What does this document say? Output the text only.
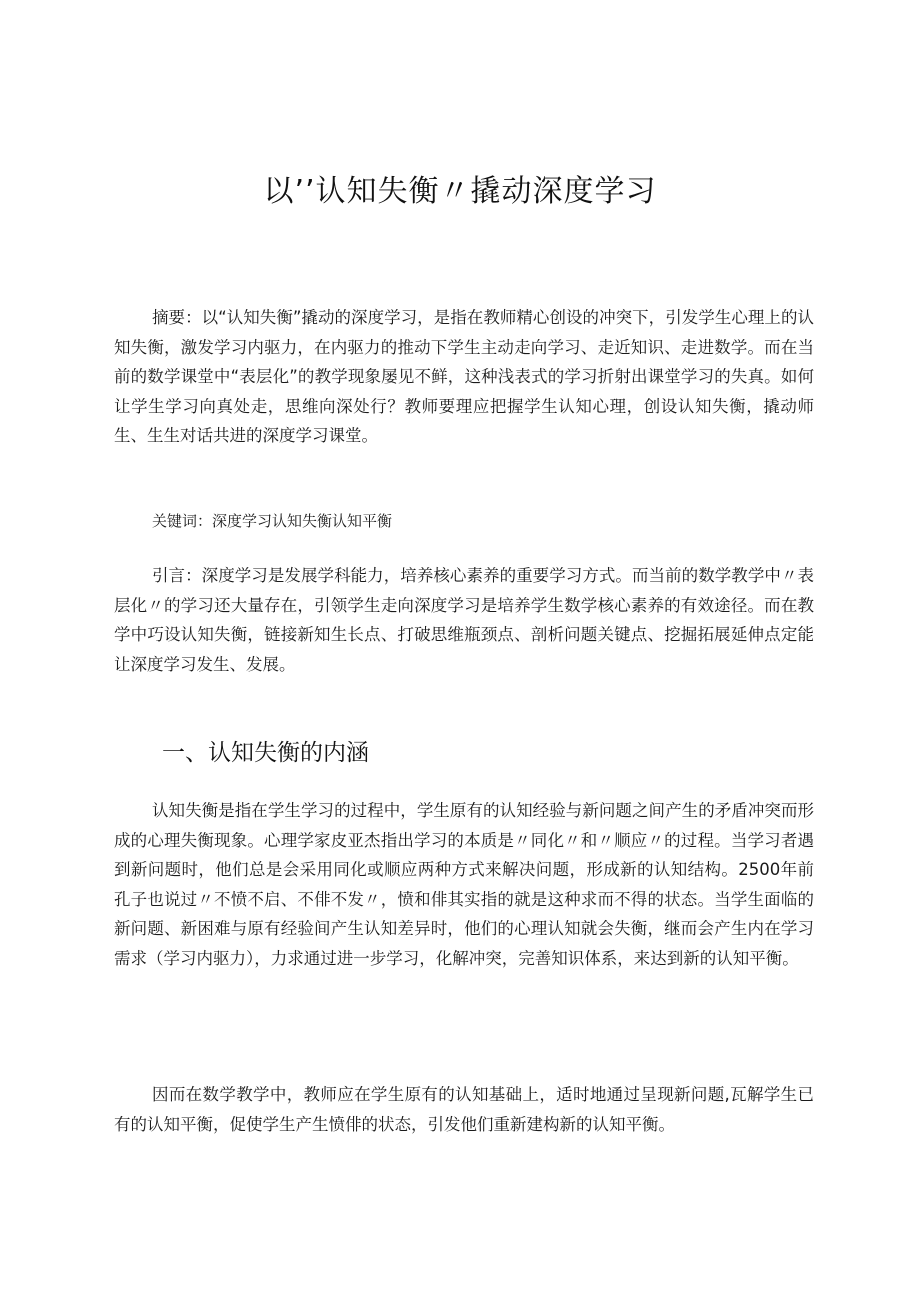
以’’认知失衡〃撬动深度学习

摘要：以“认知失衡”撬动的深度学习，是指在教师精心创设的冲突下，引发学生心理上的认知失衡，激发学习内驱力，在内驱力的推动下学生主动走向学习、走近知识、走进数学。而在当前的数学课堂中“表层化”的教学现象屡见不鲜，这种浅表式的学习折射出课堂学习的失真。如何让学生学习向真处走，思维向深处行？教师要理应把握学生认知心理，创设认知失衡，撬动师生、生生对话共进的深度学习课堂。

关键词：深度学习认知失衡认知平衡

引言：深度学习是发展学科能力，培养核心素养的重要学习方式。而当前的数学教学中〃表层化〃的学习还大量存在，引领学生走向深度学习是培养学生数学核心素养的有效途径。而在教学中巧设认知失衡，链接新知生长点、打破思维瓶颈点、剖析问题关键点、挖掘拓展延伸点定能让深度学习发生、发展。

一、认知失衡的内涵

认知失衡是指在学生学习的过程中，学生原有的认知经验与新问题之间产生的矛盾冲突而形成的心理失衡现象。心理学家皮亚杰指出学习的本质是〃同化〃和〃顺应〃的过程。当学习者遇到新问题时，他们总是会采用同化或顺应两种方式来解决问题，形成新的认知结构。2500年前孔子也说过〃不愤不启、不俳不发〃，愤和俳其实指的就是这种求而不得的状态。当学生面临的新问题、新困难与原有经验间产生认知差异时，他们的心理认知就会失衡，继而会产生内在学习需求（学习内驱力），力求通过进一步学习，化解冲突，完善知识体系，来达到新的认知平衡。

因而在数学教学中，教师应在学生原有的认知基础上，适时地通过呈现新问题,瓦解学生已有的认知平衡，促使学生产生愤俳的状态，引发他们重新建构新的认知平衡。
